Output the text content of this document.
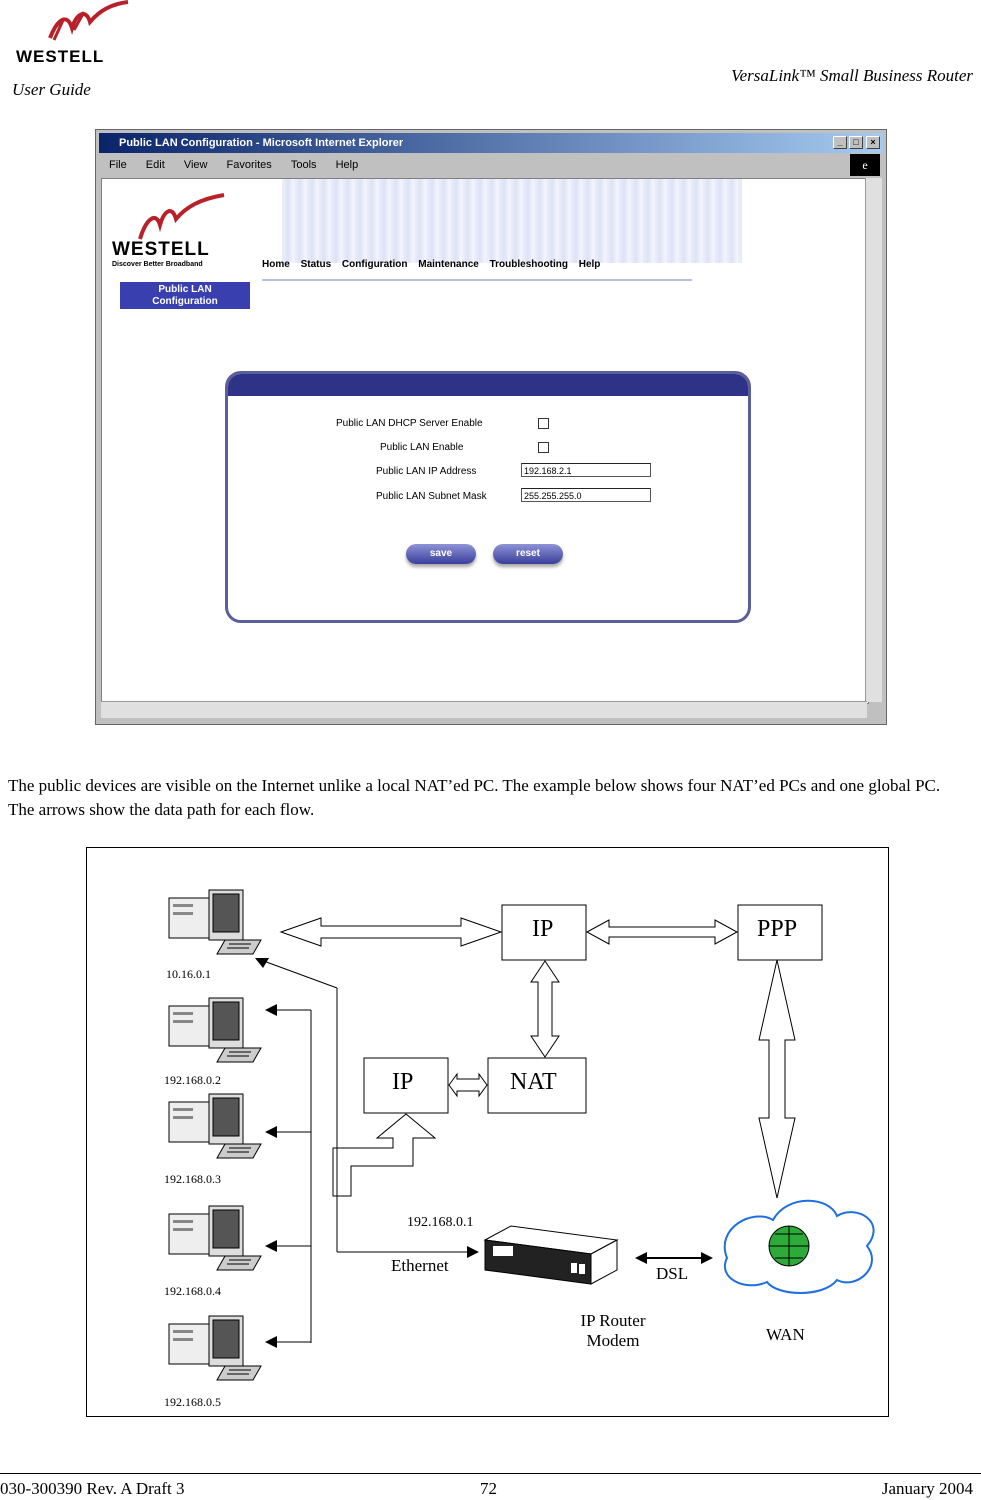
WESTELL
User Guide
VersaLink™ Small Business Router
Public LAN Configuration - Microsoft Internet Explorer	_	□	×
File Edit View Favorites Tools Help	e
WESTELL
Discover Better Broadband	Home Status Configuration Maintenance Troubleshooting Help
Public LAN
Configuration
Public LAN DHCP Server Enable
Public LAN Enable
Public LAN IP Address	192.168.2.1
Public LAN Subnet Mask	255.255.255.0
save	reset
The public devices are visible on the Internet unlike a local NAT’ed PC. The example below shows four NAT’ed PCs and one global PC. The arrows show the data path for each flow.
IP	PPP
IP	NAT
10.16.0.1
192.168.0.2
192.168.0.3
192.168.0.4
192.168.0.5
192.168.0.1
Ethernet	DSL
IP Router
Modem	WAN
030-300390 Rev. A Draft 3	72	January 2004
